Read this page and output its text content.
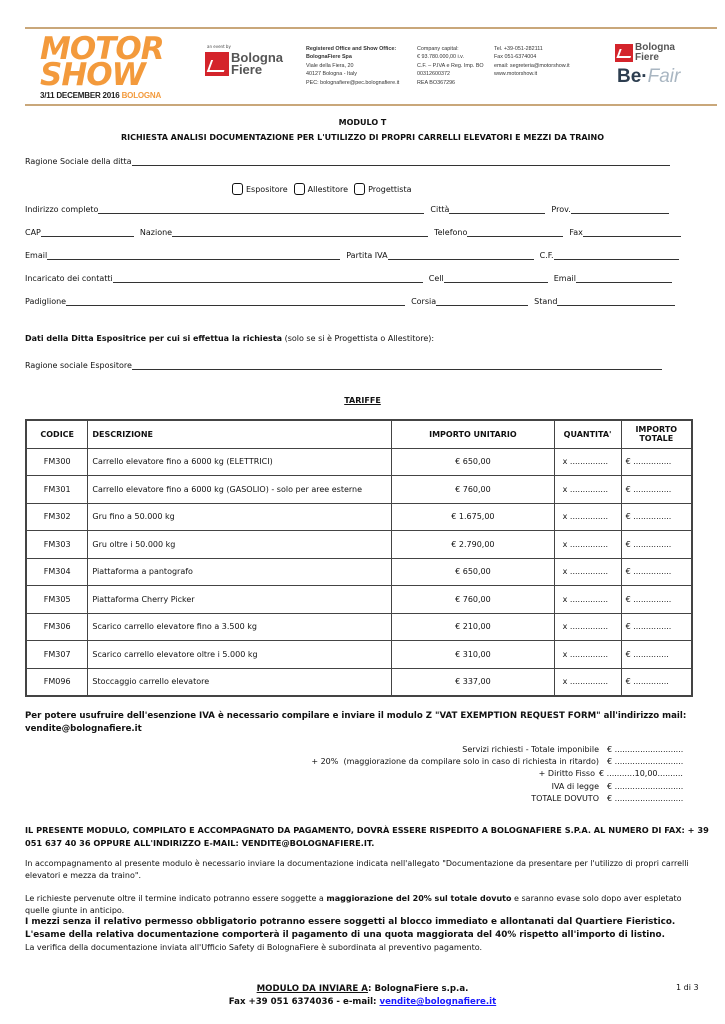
MOTOR
SHOW
3/11 DECEMBER 2016 BOLOGNA
an event by
Bologna
Fiere
Registered Office and Show Office:
BolognaFiere Spa
Viale della Fiera, 20
40127 Bologna - Italy
PEC: bolognafiere@pec.bolognafiere.it
Company capital:
€ 93.780.000,00 i.v.
C.F. – P.IVA e Reg. Imp. BO
00312600372
REA BO367296
Tel. +39-051-282111
Fax 051-6374004
email: segreteria@motorshow.it
www.motorshow.it
Bologna
Fiere
Be·Fair
MODULO T
RICHIESTA ANALISI DOCUMENTAZIONE PER L'UTILIZZO DI PROPRI CARRELLI ELEVATORI E MEZZI DA TRAINO
Ragione Sociale della ditta
Espositore	Allestitore	Progettista
Indirizzo completo	Città	Prov.
CAP	Nazione	Telefono	Fax
Email	Partita IVA	C.F.
Incaricato dei contatti	Cell	Email
Padiglione	Corsia	Stand
Dati della Ditta Espositrice per cui si effettua la richiesta (solo se si è Progettista o Allestitore):
Ragione sociale Espositore
TARIFFE
CODICE	DESCRIZIONE	IMPORTO UNITARIO	QUANTITA'	IMPORTO TOTALE
FM300	Carrello elevatore fino a 6000 kg (ELETTRICI)	€ 650,00	x ...............	€ ...............
FM301	Carrello elevatore fino a 6000 kg (GASOLIO) - solo per aree esterne	€ 760,00	x ...............	€ ...............
FM302	Gru fino a 50.000 kg	€ 1.675,00	x ...............	€ ...............
FM303	Gru oltre i 50.000 kg	€ 2.790,00	x ...............	€ ...............
FM304	Piattaforma a pantografo	€ 650,00	x ...............	€ ...............
FM305	Piattaforma Cherry Picker	€ 760,00	x ...............	€ ...............
FM306	Scarico carrello elevatore fino a 3.500 kg	€ 210,00	x ...............	€ ...............
FM307	Scarico carrello elevatore oltre i 5.000 kg	€ 310,00	x ...............	€ ..............
FM096	Stoccaggio carrello elevatore	€ 337,00	x ...............	€ ..............
Per potere usufruire dell'esenzione IVA è necessario compilare e inviare il modulo Z "VAT EXEMPTION REQUEST FORM" all'indirizzo mail: vendite@bolognafiere.it
Servizi richiesti - Totale imponibile	€ ...........................
+ 20%  (maggiorazione da compilare solo in caso di richiesta in ritardo)	€ ...........................
+ Diritto Fisso € ...........10,00..........
IVA di legge	€ ...........................
TOTALE DOVUTO	€ ...........................
IL PRESENTE MODULO, COMPILATO E ACCOMPAGNATO DA PAGAMENTO, DOVRÀ ESSERE RISPEDITO A BOLOGNAFIERE S.P.A. AL NUMERO DI FAX: + 39 051 637 40 36 OPPURE ALL'INDIRIZZO E-MAIL: VENDITE@BOLOGNAFIERE.IT.
In accompagnamento al presente modulo è necessario inviare la documentazione indicata nell'allegato "Documentazione da presentare per l'utilizzo di propri carrelli elevatori e mezza da traino".
Le richieste pervenute oltre il termine indicato potranno essere soggette a maggiorazione del 20% sul totale dovuto e saranno evase solo dopo aver espletato quelle giunte in anticipo.
I mezzi senza il relativo permesso obbligatorio potranno essere soggetti al blocco immediato e allontanati dal Quartiere Fieristico. L'esame della relativa documentazione comporterà il pagamento di una quota maggiorata del 40% rispetto all'importo di listino.
La verifica della documentazione inviata all'Ufficio Safety di BolognaFiere è subordinata al preventivo pagamento.
MODULO DA INVIARE A: BolognaFiere s.p.a.
Fax +39 051 6374036 - e-mail: vendite@bolognafiere.it
1 di 3
